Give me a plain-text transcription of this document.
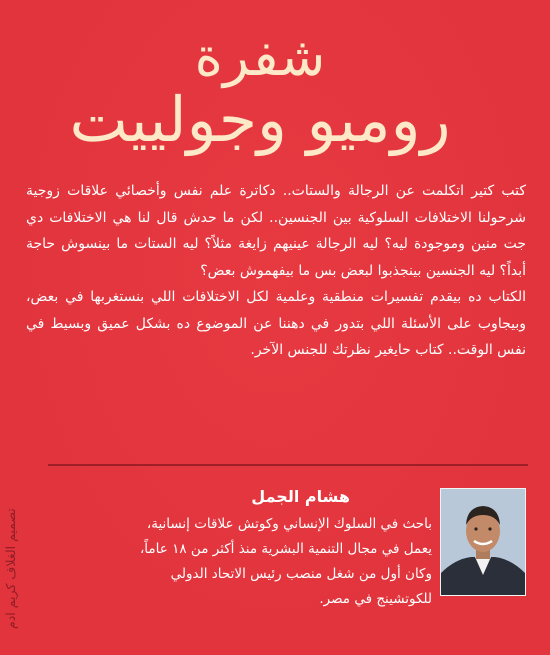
شفرة
روميو وجولييت

كتب كتير اتكلمت عن الرجالة والستات.. دكاترة علم نفس وأخصائي علاقات زوجية شرحولنا الاختلافات السلوكية بين الجنسين.. لكن ما حدش قال لنا هي الاختلافات دي جت منين وموجودة ليه؟ ليه الرجالة عينيهم زايغة مثلاً؟ ليه الستات ما بينسوش حاجة أبداً؟ ليه الجنسين بينجذبوا لبعض بس ما بيفهموش بعض؟

الكتاب ده بيقدم تفسيرات منطقية وعلمية لكل الاختلافات اللي بنستغربها في بعض، وبيجاوب على الأسئلة اللي بتدور في دهننا عن الموضوع ده بشكل عميق وبسيط في نفس الوقت.. كتاب حايغير نظرتك للجنس الآخر.

هشام الجمل

باحث في السلوك الإنساني وكوتش علاقات إنسانية،

يعمل في مجال التنمية البشرية منذ أكثر من ١٨ عاماً،

وكان أول من شغل منصب رئيس الاتحاد الدولي

للكوتشينج في مصر.

تصميم الغلاف كريم ادم
